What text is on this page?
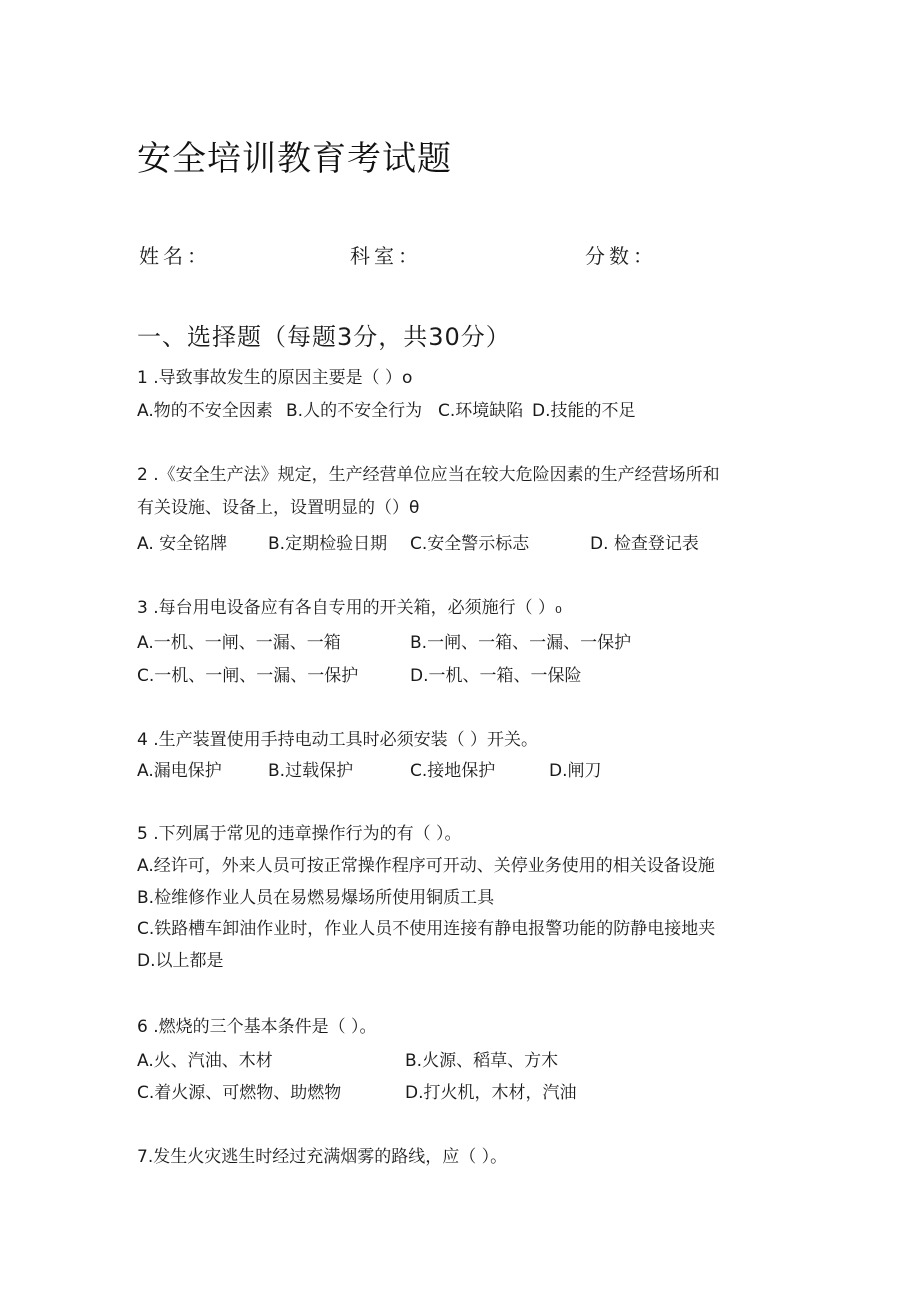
安全培训教育考试题
姓名：	科室：	分数：
一、选择题（每题3分，共30分）
1 .导致事故发生的原因主要是（ ）o
A.物的不安全因素 B.人的不安全行为 C.环境缺陷 D.技能的不足
2 .《安全生产法》规定，生产经营单位应当在较大危险因素的生产经营场所和
有关设施、设备上，设置明显的（）θ
A. 安全铭牌 B.定期检验日期 C.安全警示标志	D. 检查登记表
3 .每台用电设备应有各自专用的开关箱，必须施行（ ）₀
A.一机、一闸、一漏、一箱	B.一闸、一箱、一漏、一保护
C.一机、一闸、一漏、一保护	D.一机、一箱、一保险
4 .生产装置使用手持电动工具时必须安装（ ）开关。
A.漏电保护	B.过载保护	C.接地保护	D.闸刀
5 .下列属于常见的违章操作行为的有（ ）。
A.经许可，外来人员可按正常操作程序可开动、关停业务使用的相关设备设施
B.检维修作业人员在易燃易爆场所使用铜质工具
C.铁路槽车卸油作业时，作业人员不使用连接有静电报警功能的防静电接地夹
D.以上都是
6 .燃烧的三个基本条件是（ ）。
A.火、汽油、木材	B.火源、稻草、方木
C.着火源、可燃物、助燃物	D.打火机，木材，汽油
7.发生火灾逃生时经过充满烟雾的路线，应（ ）。
